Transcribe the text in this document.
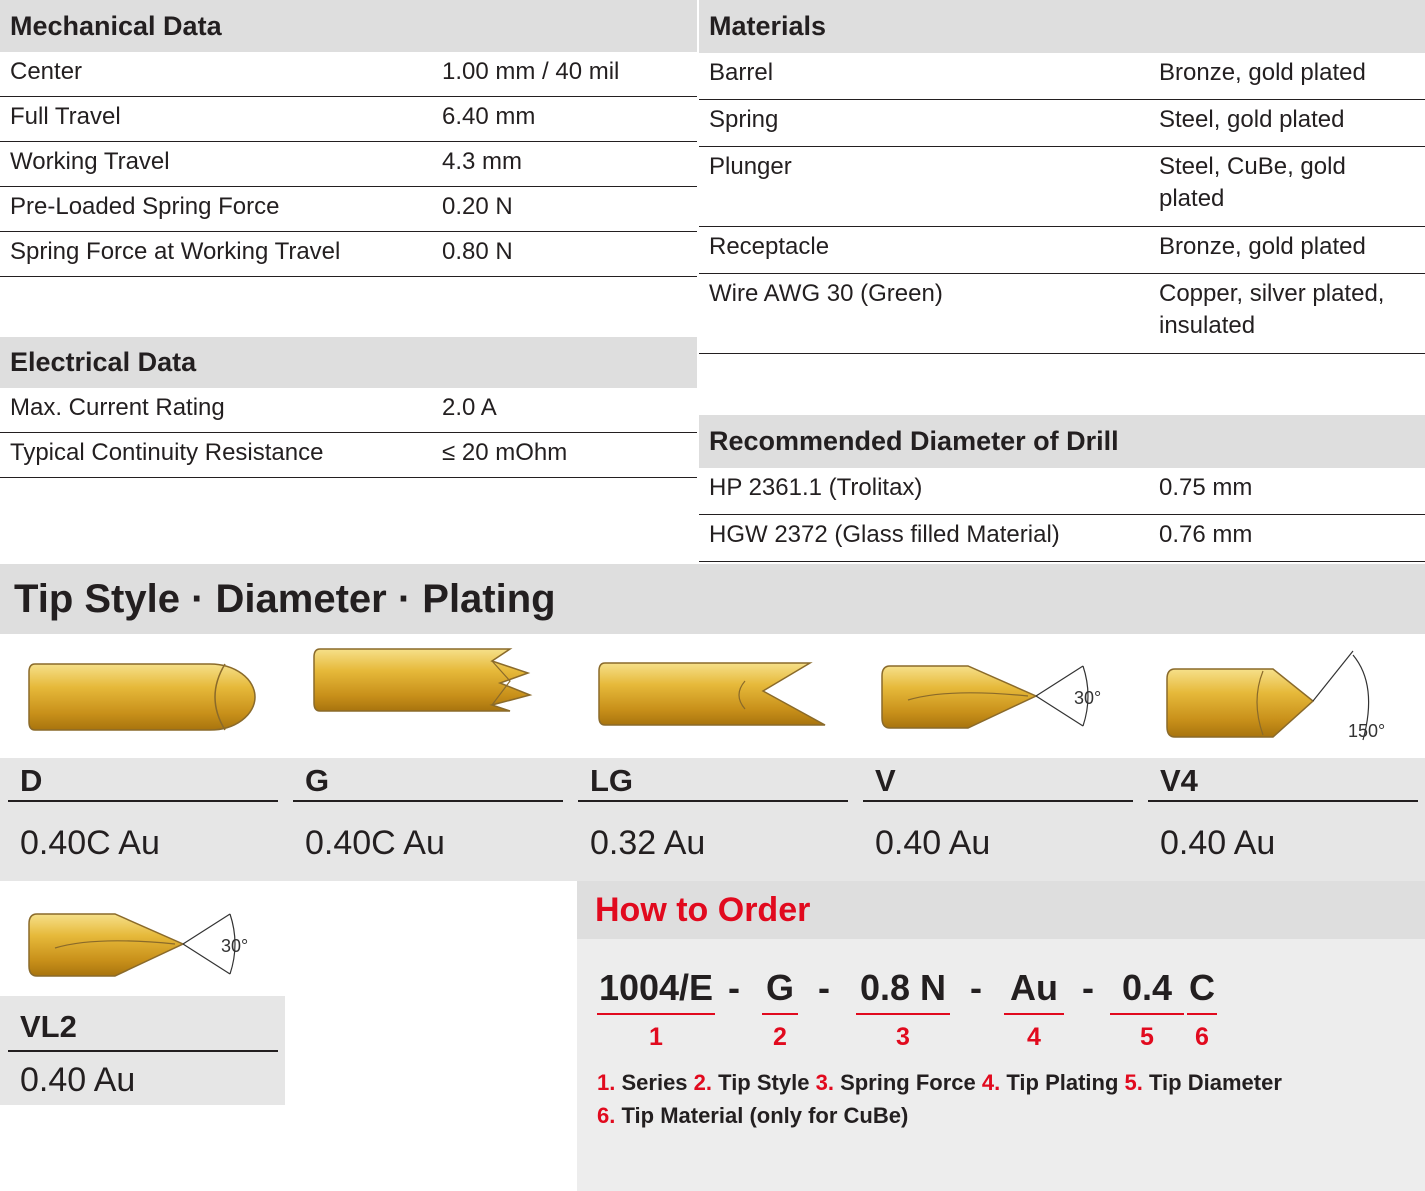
Mechanical Data
Center	1.00 mm / 40 mil
Full Travel	6.40 mm
Working Travel	4.3 mm
Pre-Loaded Spring Force	0.20 N
Spring Force at Working Travel	0.80 N
Electrical Data
Max. Current Rating	2.0 A
Typical Continuity Resistance	≤ 20 mOhm
Materials
Barrel	Bronze, gold plated
Spring	Steel, gold plated
Plunger	Steel, CuBe, gold
plated
Receptacle	Bronze, gold plated
Wire AWG 30 (Green)	Copper, silver plated,
insulated
Recommended Diameter of Drill
HP 2361.1 (Trolitax)	0.75 mm
HGW 2372 (Glass filled Material)	0.76 mm
Tip Style · Diameter · Plating
30°
150°
30°
D
0.40C Au
G
0.40C Au
LG
0.32 Au
V
0.40 Au
V4
0.40 Au
VL2
0.40 Au
How to Order
1004/E - G - 0.8 N - Au - 0.4 C
1	2	3	4	5	6
1. Series 2. Tip Style 3. Spring Force 4. Tip Plating 5. Tip Diameter
6. Tip Material (only for CuBe)
